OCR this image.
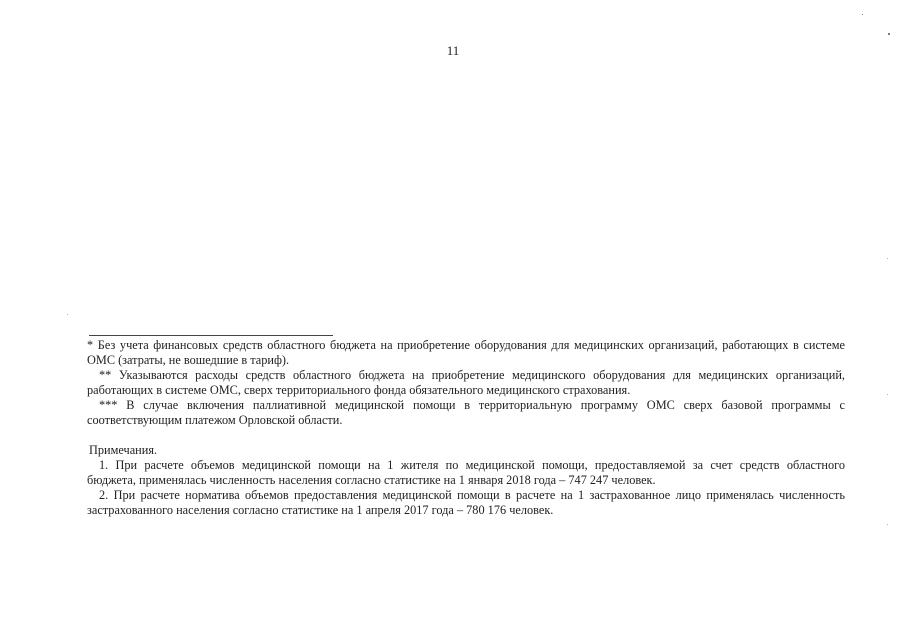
11

* Без учета финансовых средств областного бюджета на приобретение оборудования для медицинских организаций, работающих в системе ОМС (затраты, не вошедшие в тариф).

** Указываются расходы средств областного бюджета на приобретение медицинского оборудования для медицинских организаций, работающих в системе ОМС, сверх территориального фонда обязательного медицинского страхования.

*** В случае включения паллиативной медицинской помощи в территориальную программу ОМС сверх базовой программы с соответствующим платежом Орловской области.

Примечания.

1. При расчете объемов медицинской помощи на 1 жителя по медицинской помощи, предоставляемой за счет средств областного бюджета, применялась численность населения согласно статистике на 1 января 2018 года – 747 247 человек.

2. При расчете норматива объемов предоставления медицинской помощи в расчете на 1 застрахованное лицо применялась численность застрахованного населения согласно статистике на 1 апреля 2017 года – 780 176 человек.
